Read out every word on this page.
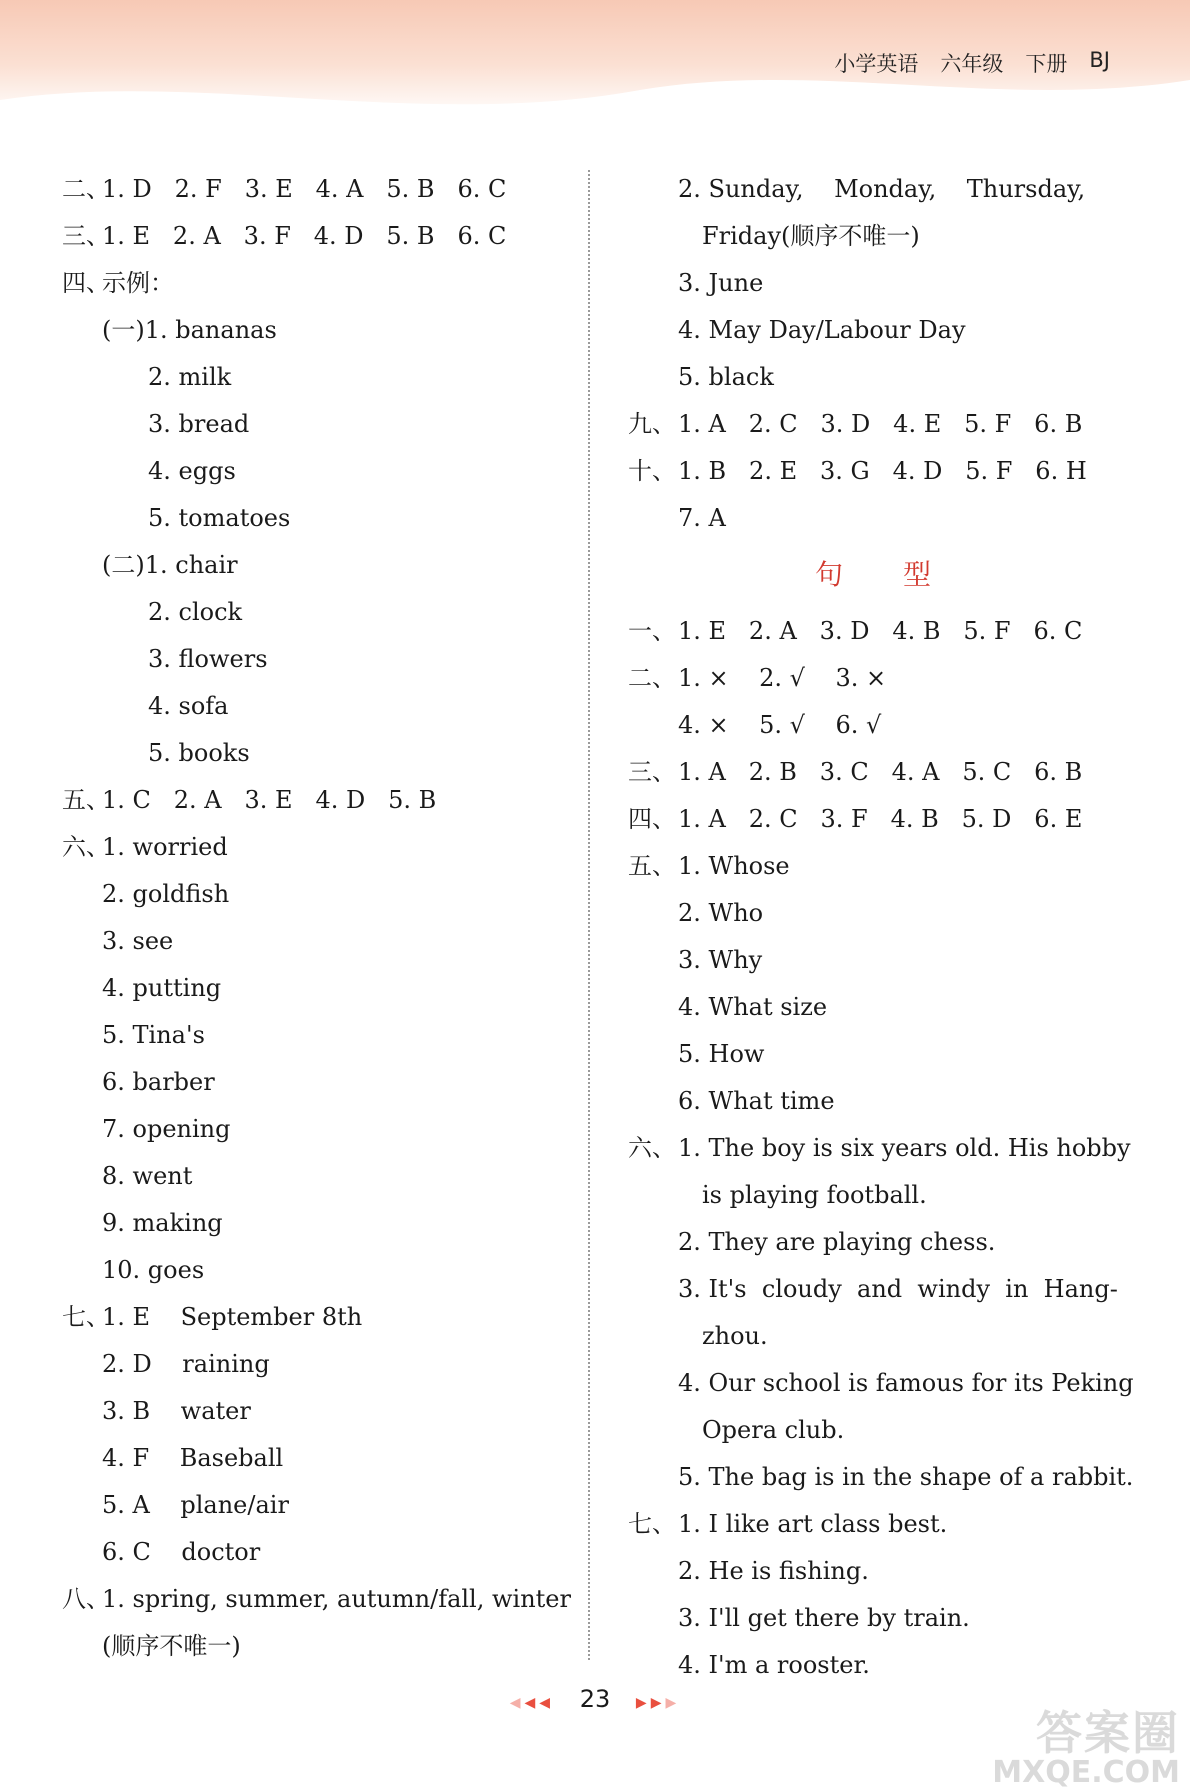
小学英语 六年级 下册 BJ
二、
1. D   2. F   3. E   4. A   5. B   6. C
三、
1. E   2. A   3. F   4. D   5. B   6. C
四、
示例：
(一)1. bananas
2. milk
3. bread
4. eggs
5. tomatoes
(二)1. chair
2. clock
3. flowers
4. sofa
5. books
五、
1. C   2. A   3. E   4. D   5. B
六、
1. worried
2. goldfish
3. see
4. putting
5. Tina's
6. barber
7. opening
8. went
9. making
10. goes
七、
1. E    September 8th
2. D    raining
3. B    water
4. F    Baseball
5. A    plane/air
6. C    doctor
八、
1. spring, summer, autumn/fall, winter
(顺序不唯一)
2. Sunday,    Monday,    Thursday,
Friday(顺序不唯一)
3. June
4. May Day/Labour Day
5. black
九、 1. A   2. C   3. D   4. E   5. F   6. B
十、 1. B   2. E   3. G   4. D   5. F   6. H
7. A
句型
一、 1. E   2. A   3. D   4. B   5. F   6. C
二、 1. ×    2. √    3. ×
4. ×    5. √    6. √
三、 1. A   2. B   3. C   4. A   5. C   6. B
四、 1. A   2. C   3. F   4. B   5. D   6. E
五、 1. Whose
2. Who
3. Why
4. What size
5. How
6. What time
六、 1. The boy is six years old. His hobby
is playing football.
2. They are playing chess.
3. It's  cloudy  and  windy  in  Hang-
zhou.
4. Our school is famous for its Peking
Opera club.
5. The bag is in the shape of a rabbit.
七、 1. I like art class best.
2. He is fishing.
3. I'll get there by train.
4. I'm a rooster.
◀◀◀ 23 ▶▶▶
答案圈
MXQE.COM
